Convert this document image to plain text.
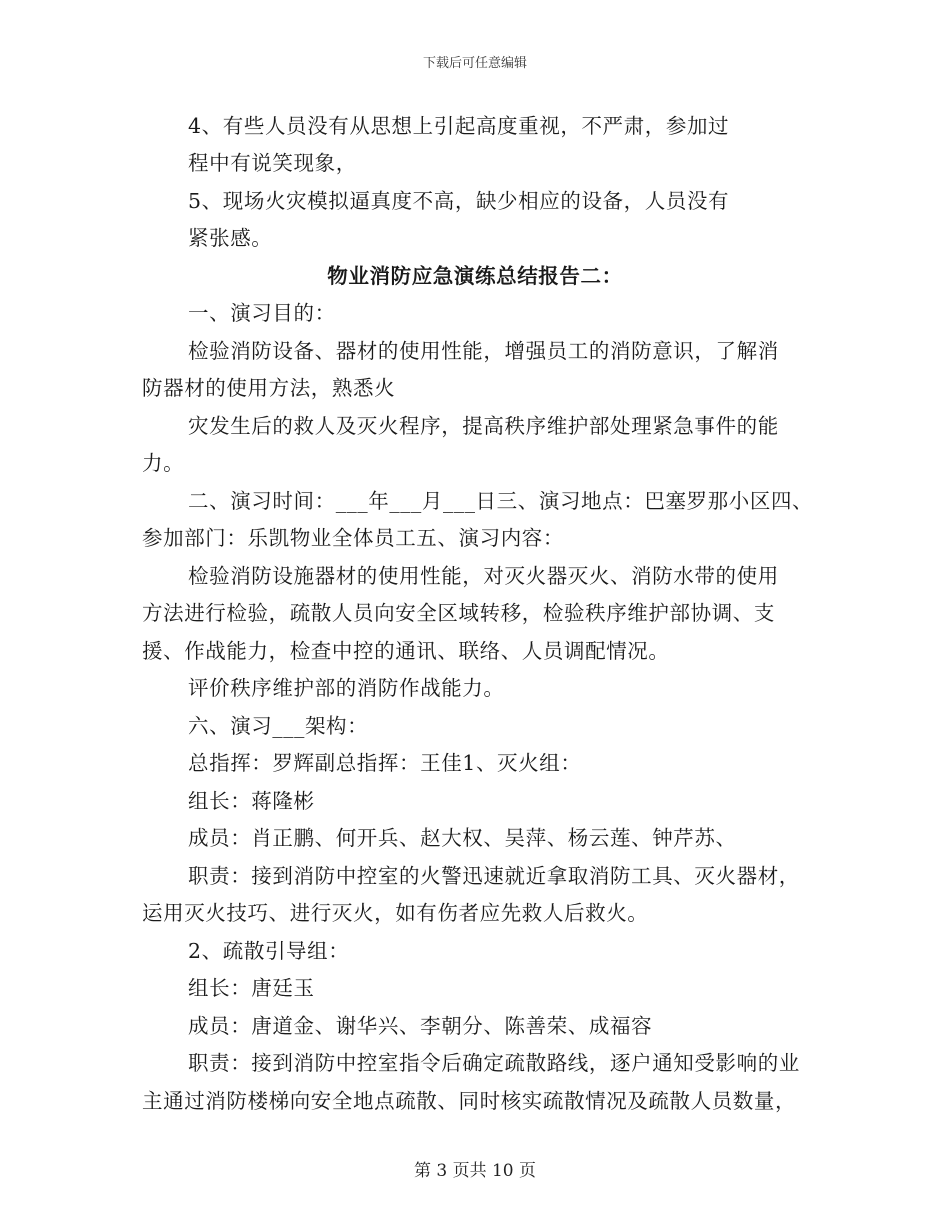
下载后可任意编辑
4、有些人员没有从思想上引起高度重视，不严肃，参加过
程中有说笑现象，
5、现场火灾模拟逼真度不高，缺少相应的设备，人员没有
紧张感。
物业消防应急演练总结报告二：
一、演习目的：
检验消防设备、器材的使用性能，增强员工的消防意识，了解消
防器材的使用方法，熟悉火
灾发生后的救人及灭火程序，提高秩序维护部处理紧急事件的能
力。
二、演习时间：___年___月___日三、演习地点：巴塞罗那小区四、
参加部门：乐凯物业全体员工五、演习内容：
检验消防设施器材的使用性能，对灭火器灭火、消防水带的使用
方法进行检验，疏散人员向安全区域转移，检验秩序维护部协调、支
援、作战能力，检查中控的通讯、联络、人员调配情况。
评价秩序维护部的消防作战能力。
六、演习___架构：
总指挥：罗辉副总指挥：王佳1、灭火组：
组长：蒋隆彬
成员：肖正鹏、何开兵、赵大权、吴萍、杨云莲、钟芹苏、
职责：接到消防中控室的火警迅速就近拿取消防工具、灭火器材，
运用灭火技巧、进行灭火，如有伤者应先救人后救火。
2、疏散引导组：
组长：唐廷玉
成员：唐道金、谢华兴、李朝分、陈善荣、成福容
职责：接到消防中控室指令后确定疏散路线，逐户通知受影响的业
主通过消防楼梯向安全地点疏散、同时核实疏散情况及疏散人员数量，
第 3 页共 10 页
